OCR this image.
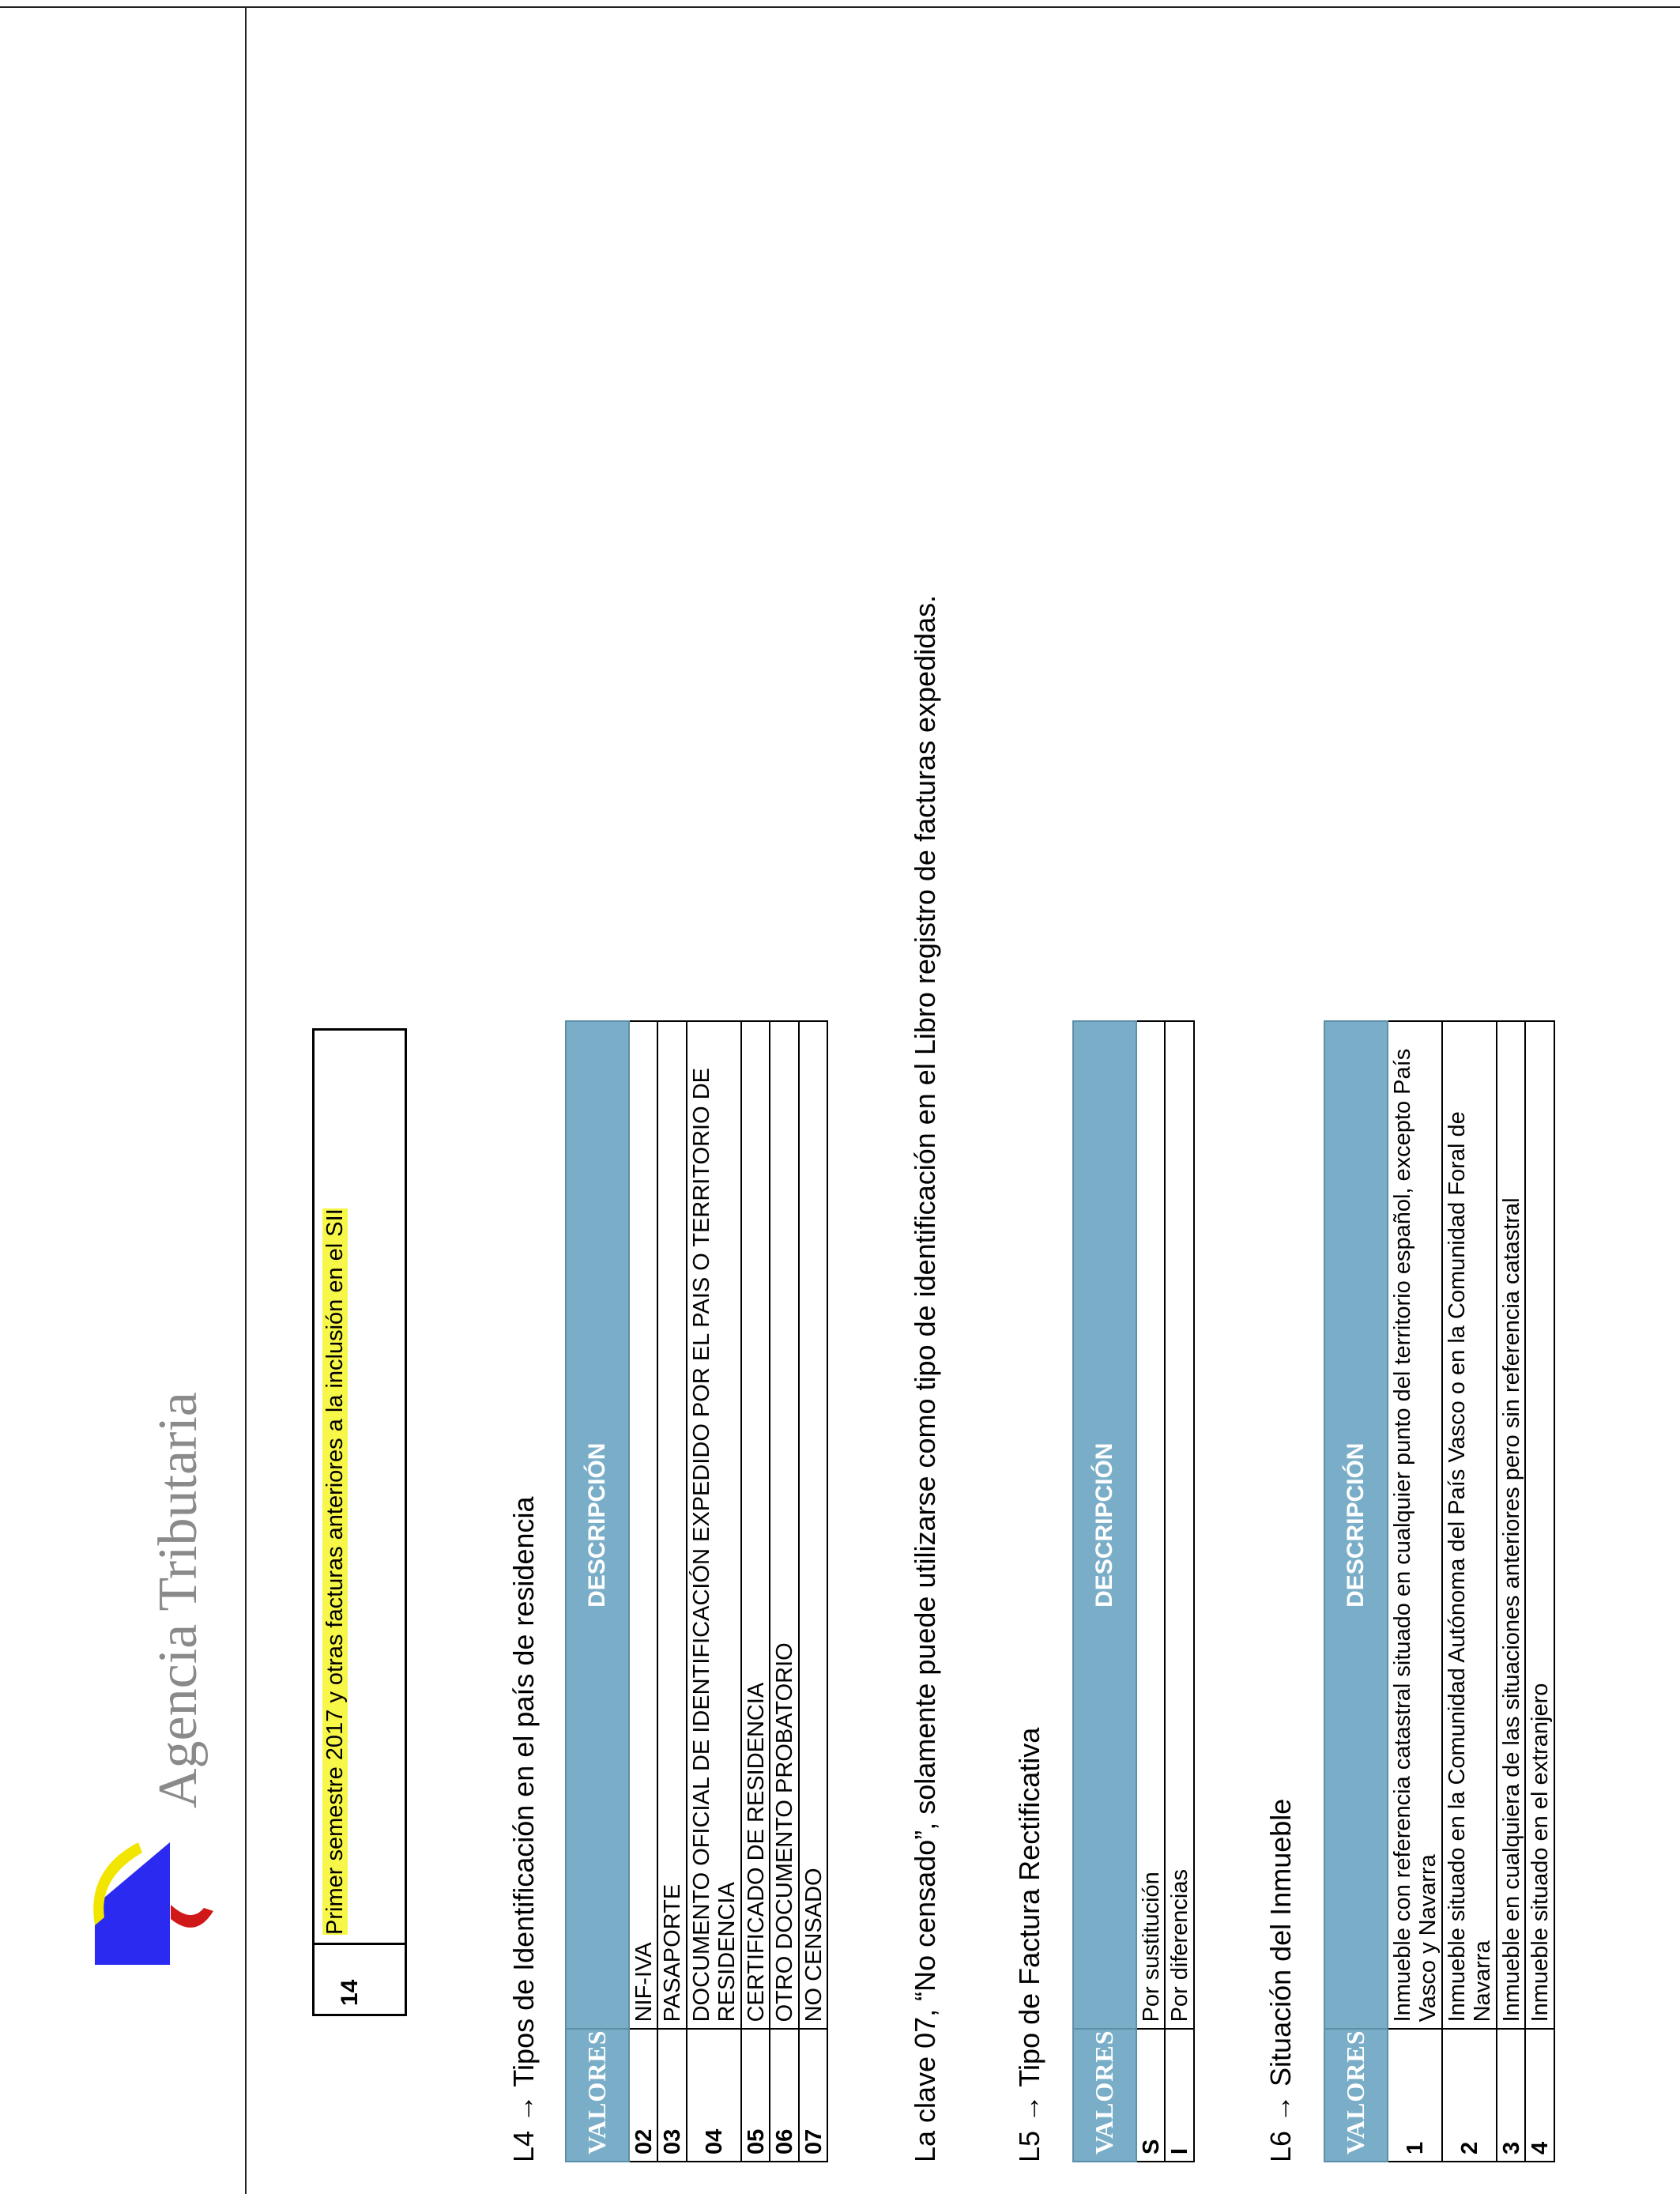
Agencia Tributaria
14
Primer semestre 2017 y otras facturas anteriores a la inclusión en el SII	L4 → Tipos de Identificación en el país de residencia VALORES	DESCRIPCIÓN
02	NIF-IVA
03	PASAPORTE
04	DOCUMENTO OFICIAL DE IDENTIFICACIÓN EXPEDIDO POR EL PAIS O TERRITORIO DE RESIDENCIA
05	CERTIFICADO DE RESIDENCIA
06	OTRO DOCUMENTO PROBATORIO
07	NO CENSADO	La clave 07, “No censado”, solamente puede utilizarse como tipo de identificación en el Libro registro de facturas expedidas.	L5 → Tipo de Factura Rectificativa VALORES	DESCRIPCIÓN
S	Por sustitución
I	Por diferencias	L6 → Situación del Inmueble VALORES	DESCRIPCIÓN
1	Inmueble con referencia catastral situado en cualquier punto del territorio español, excepto País Vasco y Navarra
2	Inmueble situado en la Comunidad Autónoma del País Vasco o en la Comunidad Foral de Navarra
3	Inmueble en cualquiera de las situaciones anteriores pero sin referencia catastral
4	Inmueble situado en el extranjero
